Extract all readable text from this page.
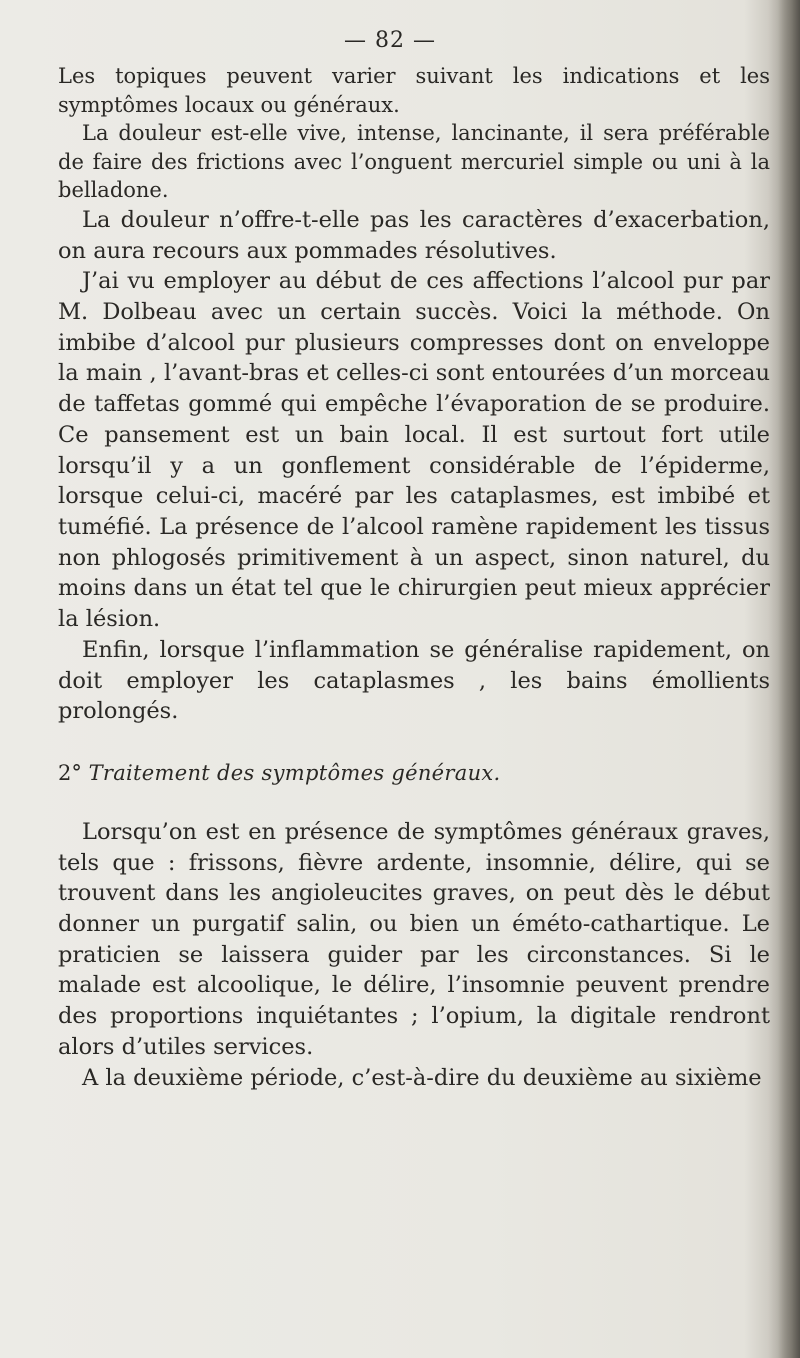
— 82 —

Les topiques peuvent varier suivant les indications et les symptômes locaux ou généraux.

La douleur est-elle vive, intense, lancinante, il sera préférable de faire des frictions avec l’onguent mercuriel simple ou uni à la belladone.

La douleur n’offre-t-elle pas les caractères d’exacerbation, on aura recours aux pommades résolutives.

J’ai vu employer au début de ces affections l’alcool pur par M. Dolbeau avec un certain succès. Voici la méthode. On imbibe d’alcool pur plusieurs compresses dont on enveloppe la main , l’avant-bras et celles-ci sont entourées d’un morceau de taffetas gommé qui empêche l’évaporation de se produire. Ce pansement est un bain local. Il est surtout fort utile lorsqu’il y a un gonflement considérable de l’épiderme, lorsque celui-ci, macéré par les cataplasmes, est imbibé et tuméfié. La présence de l’alcool ramène rapidement les tissus non phlogosés primitivement à un aspect, sinon naturel, du moins dans un état tel que le chirurgien peut mieux apprécier la lésion.

Enfin, lorsque l’inflammation se généralise rapidement, on doit employer les cataplasmes , les bains émollients prolongés.

2° Traitement des symptômes généraux.

Lorsqu’on est en présence de symptômes généraux graves, tels que : frissons, fièvre ardente, insomnie, délire, qui se trouvent dans les angioleucites graves, on peut dès le début donner un purgatif salin, ou bien un éméto-cathartique. Le praticien se laissera guider par les circonstances. Si le malade est alcoolique, le délire, l’insomnie peuvent prendre des proportions inquiétantes ; l’opium, la digitale rendront alors d’utiles services.

A la deuxième période, c’est-à-dire du deuxième au sixième
